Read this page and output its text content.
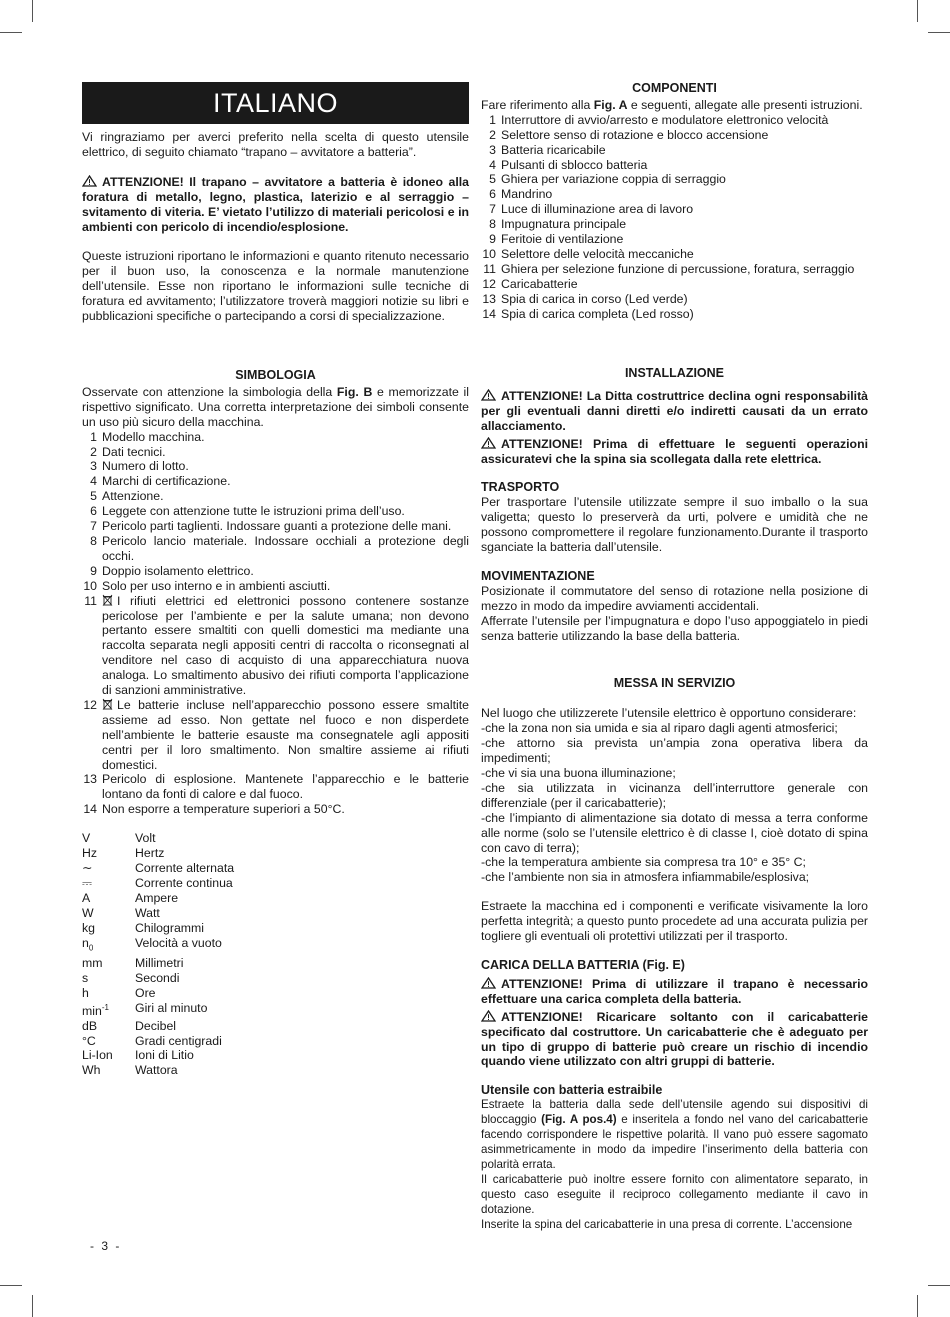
ITALIANO

Vi ringraziamo per averci preferito nella scelta di questo utensile elettrico, di seguito chiamato “trapano – avvitatore a batteria”.

ATTENZIONE! Il trapano – avvitatore a batteria è idoneo alla foratura di metallo, legno, plastica, laterizio e al serraggio – svitamento di viteria. E’ vietato l’utilizzo di materiali pericolosi e in ambienti con pericolo di incendio/esplosione.

Queste istruzioni riportano le informazioni e quanto ritenuto necessario per il buon uso, la conoscenza e la normale manutenzione dell’utensile. Esse non riportano le informazioni sulle tecniche di foratura ed avvitamento; l’utilizzatore troverà maggiori notizie su libri e pubblicazioni specifiche o partecipando a corsi di specializzazione.

COMPONENTI

Fare riferimento alla Fig. A e seguenti, allegate alle presenti istruzioni.

1 Interruttore di avvio/arresto e modulatore elettronico velocità
2 Selettore senso di rotazione e blocco accensione
3 Batteria ricaricabile
4 Pulsanti di sblocco batteria
5 Ghiera per variazione coppia di serraggio
6 Mandrino
7 Luce di illuminazione area di lavoro
8 Impugnatura principale
9 Feritoie di ventilazione
10 Selettore delle velocità meccaniche
11 Ghiera per selezione funzione di percussione, foratura, serraggio
12 Caricabatterie
13 Spia di carica in corso (Led verde)
14 Spia di carica completa (Led rosso)
SIMBOLOGIA

Osservate con attenzione la simbologia della Fig. B e memorizzate il rispettivo significato. Una corretta interpretazione dei simboli consente un uso più sicuro della macchina.

1 Modello macchina.
2 Dati tecnici.
3 Numero di lotto.
4 Marchi di certificazione.
5 Attenzione.
6 Leggete con attenzione tutte le istruzioni prima dell’uso.
7 Pericolo parti taglienti. Indossare guanti a protezione delle mani.
8 Pericolo lancio materiale. Indossare occhiali a protezione degli occhi.
9 Doppio isolamento elettrico.
10 Solo per uso interno e in ambienti asciutti.
11	I rifiuti elettrici ed elettronici possono contenere sostanze pericolose per l’ambiente e per la salute umana; non devono pertanto essere smaltiti con quelli domestici ma mediante una raccolta separata negli appositi centri di raccolta o riconsegnati al venditore nel caso di acquisto di una apparecchiatura nuova analoga. Lo smaltimento abusivo dei rifiuti comporta l’applicazione di sanzioni amministrative.
12	Le batterie incluse nell’apparecchio possono essere smaltite assieme ad esso. Non gettate nel fuoco e non disperdete nell’ambiente le batterie esauste ma consegnatele agli appositi centri per il loro smaltimento. Non smaltire assieme ai rifiuti domestici.
13 Pericolo di esplosione. Mantenete l’apparecchio e le batterie lontano da fonti di calore e dal fuoco.
14 Non esporre a temperature superiori a 50°C.
V	Volt
Hz	Hertz
∼	Corrente alternata
⎓	Corrente continua
A	Ampere
W	Watt
kg	Chilogrammi
$n_0$	Velocità a vuoto
mm	Millimetri
s	Secondi
h	Ore
$\min^{-1}$	Giri al minuto
dB	Decibel
°C	Gradi centigradi
Li-Ion	Ioni di Litio
Wh	Wattora
INSTALLAZIONE

ATTENZIONE! La Ditta costruttrice declina ogni responsabilità per gli eventuali danni diretti e/o indiretti causati da un errato allacciamento.

ATTENZIONE! Prima di effettuare le seguenti operazioni assicuratevi che la spina sia scollegata dalla rete elettrica.

TRASPORTO

Per trasportare l’utensile utilizzate sempre il suo imballo o la sua valigetta; questo lo preserverà da urti, polvere e umidità che ne possono compromettere il regolare funzionamento.Durante il trasporto sganciate la batteria dall’utensile.

MOVIMENTAZIONE

Posizionate il commutatore del senso di rotazione nella posizione di mezzo in modo da impedire avviamenti accidentali.

Afferrate l’utensile per l’impugnatura e dopo l’uso appoggiatelo in piedi senza batterie utilizzando la base della batteria.

MESSA IN SERVIZIO

Nel luogo che utilizzerete l’utensile elettrico è opportuno considerare:

-che la zona non sia umida e sia al riparo dagli agenti atmosferici;

-che attorno sia prevista un’ampia zona operativa libera da impedimenti;

-che vi sia una buona illuminazione;

-che sia utilizzata in vicinanza dell’interruttore generale con differenziale (per il caricabatterie);

-che l’impianto di alimentazione sia dotato di messa a terra conforme alle norme (solo se l’utensile elettrico è di classe I, cioè dotato di spina con cavo di terra);

-che la temperatura ambiente sia compresa tra 10° e 35° C;

-che l’ambiente non sia in atmosfera infiammabile/esplosiva;

Estraete la macchina ed i componenti e verificate visivamente la loro perfetta integrità; a questo punto procedete ad una accurata pulizia per togliere gli eventuali oli protettivi utilizzati per il trasporto.

CARICA DELLA BATTERIA (Fig. E)

ATTENZIONE! Prima di utilizzare il trapano è necessario effettuare una carica completa della batteria.

ATTENZIONE! Ricaricare soltanto con il caricabatterie specificato dal costruttore. Un caricabatterie che è adeguato per un tipo di gruppo di batterie può creare un rischio di incendio quando viene utilizzato con altri gruppi di batterie.

Utensile con batteria estraibile

Estraete la batteria dalla sede dell’utensile agendo sui dispositivi di bloccaggio (Fig. A pos.4) e inseritela a fondo nel vano del caricabatterie facendo corrispondere le rispettive polarità. Il vano può essere sagomato asimmetricamente in modo da impedire l’inserimento della batteria con polarità errata.

Il caricabatterie può inoltre essere fornito con alimentatore separato, in questo caso eseguite il reciproco collegamento mediante il cavo in dotazione.

Inserite la spina del caricabatterie in una presa di corrente. L’accensione

- 3 -
